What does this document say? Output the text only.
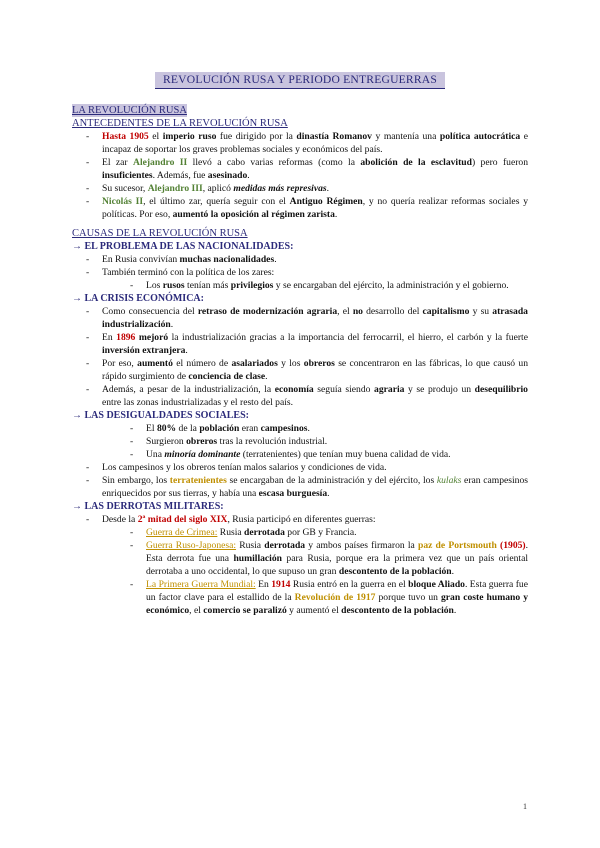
REVOLUCIÓN RUSA Y PERIODO ENTREGUERRAS
LA REVOLUCIÓN RUSA
ANTECEDENTES DE LA REVOLUCIÓN RUSA
- Hasta 1905 el imperio ruso fue dirigido por la dinastía Romanov y mantenía una política autocrática e incapaz de soportar los graves problemas sociales y económicos del país.
- El zar Alejandro II llevó a cabo varias reformas (como la abolición de la esclavitud) pero fueron insuficientes. Además, fue asesinado.
- Su sucesor, Alejandro III, aplicó medidas más represivas.
- Nicolás II, el último zar, quería seguir con el Antiguo Régimen, y no quería realizar reformas sociales y políticas. Por eso, aumentó la oposición al régimen zarista.
CAUSAS DE LA REVOLUCIÓN RUSA
→ EL PROBLEMA DE LAS NACIONALIDADES:
- En Rusia convivían muchas nacionalidades.
- También terminó con la política de los zares:
- Los rusos tenían más privilegios y se encargaban del ejército, la administración y el gobierno.
→ LA CRISIS ECONÓMICA:
- Como consecuencia del retraso de modernización agraria, el no desarrollo del capitalismo y su atrasada industrialización.
- En 1896 mejoró la industrialización gracias a la importancia del ferrocarril, el hierro, el carbón y la fuerte inversión extranjera.
- Por eso, aumentó el número de asalariados y los obreros se concentraron en las fábricas, lo que causó un rápido surgimiento de conciencia de clase.
- Además, a pesar de la industrialización, la economía seguía siendo agraria y se produjo un desequilibrio entre las zonas industrializadas y el resto del país.
→ LAS DESIGUALDADES SOCIALES:
- El 80% de la población eran campesinos.
- Surgieron obreros tras la revolución industrial.
- Una minoría dominante (terratenientes) que tenían muy buena calidad de vida.
- Los campesinos y los obreros tenían malos salarios y condiciones de vida.
- Sin embargo, los terratenientes se encargaban de la administración y del ejército, los kulaks eran campesinos enriquecidos por sus tierras, y había una escasa burguesía.
→ LAS DERROTAS MILITARES:
- Desde la 2ª mitad del siglo XIX, Rusia participó en diferentes guerras:
- Guerra de Crimea: Rusia derrotada por GB y Francia.
- Guerra Ruso-Japonesa: Rusia derrotada y ambos países firmaron la paz de Portsmouth (1905). Esta derrota fue una humillación para Rusia, porque era la primera vez que un país oriental derrotaba a uno occidental, lo que supuso un gran descontento de la población.
- La Primera Guerra Mundial: En 1914 Rusia entró en la guerra en el bloque Aliado. Esta guerra fue un factor clave para el estallido de la Revolución de 1917 porque tuvo un gran coste humano y económico, el comercio se paralizó y aumentó el descontento de la población.
1
